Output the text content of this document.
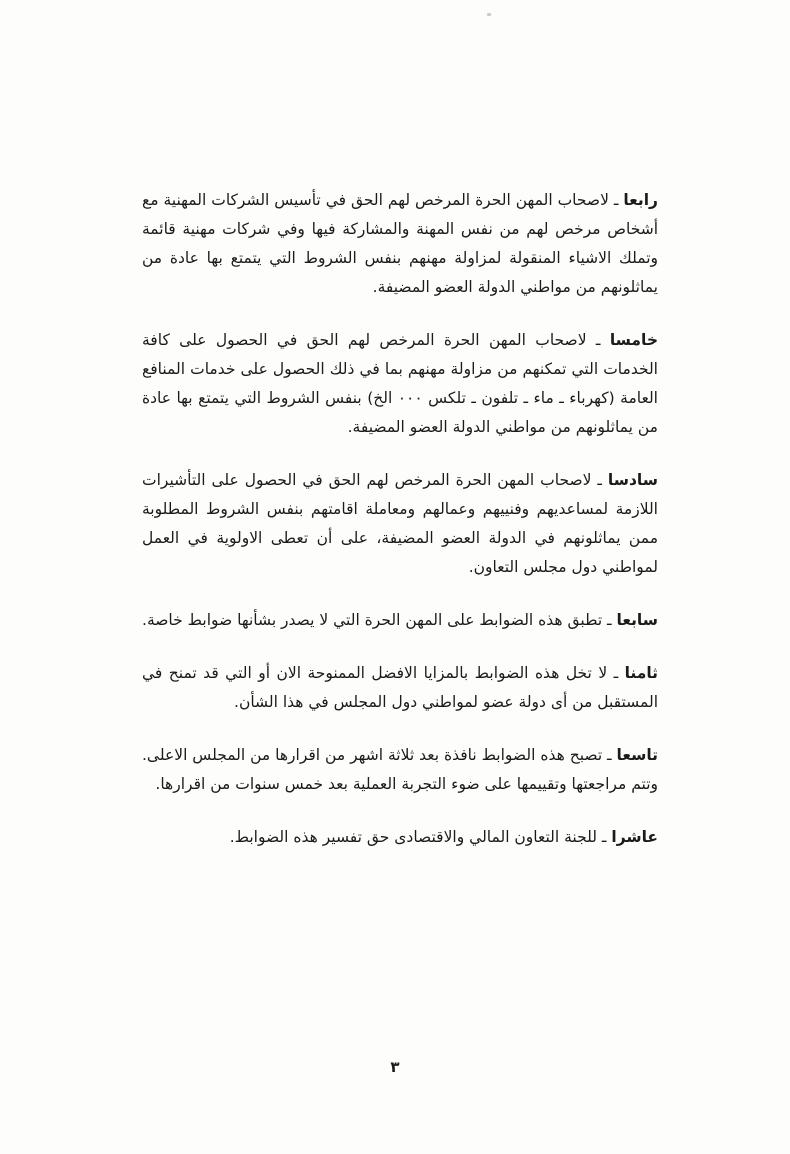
رابعا ـ لاصحاب المهن الحرة المرخص لهم الحق في تأسيس الشركات المهنية مع أشخاص مرخص لهم من نفس المهنة والمشاركة فيها وفي شركات مهنية قائمة وتملك الاشياء المنقولة لمزاولة مهنهم بنفس الشروط التي يتمتع بها عادة من يماثلونهم من مواطني الدولة العضو المضيفة.

خامسا ـ لاصحاب المهن الحرة المرخص لهم الحق في الحصول على كافة الخدمات التي تمكنهم من مزاولة مهنهم بما في ذلك الحصول على خدمات المنافع العامة (كهرباء ـ ماء ـ تلفون ـ تلكس ٠٠٠ الخ) بنفس الشروط التي يتمتع بها عادة من يماثلونهم من مواطني الدولة العضو المضيفة.

سادسا ـ لاصحاب المهن الحرة المرخص لهم الحق في الحصول على التأشيرات اللازمة لمساعديهم وفنييهم وعمالهم ومعاملة اقامتهم بنفس الشروط المطلوبة ممن يماثلونهم في الدولة العضو المضيفة، على أن تعطى الاولوية في العمل لمواطني دول مجلس التعاون.

سابعا ـ تطبق هذه الضوابط على المهن الحرة التي لا يصدر بشأنها ضوابط خاصة.

ثامنا ـ لا تخل هذه الضوابط بالمزايا الافضل الممنوحة الان أو التي قد تمنح في المستقبل من أى دولة عضو لمواطني دول المجلس في هذا الشأن.

تاسعا ـ تصبح هذه الضوابط نافذة بعد ثلاثة اشهر من اقرارها من المجلس الاعلى. وتتم مراجعتها وتقييمها على ضوء التجربة العملية بعد خمس سنوات من اقرارها.

عاشرا ـ للجنة التعاون المالي والاقتصادى حق تفسير هذه الضوابط.

٣
